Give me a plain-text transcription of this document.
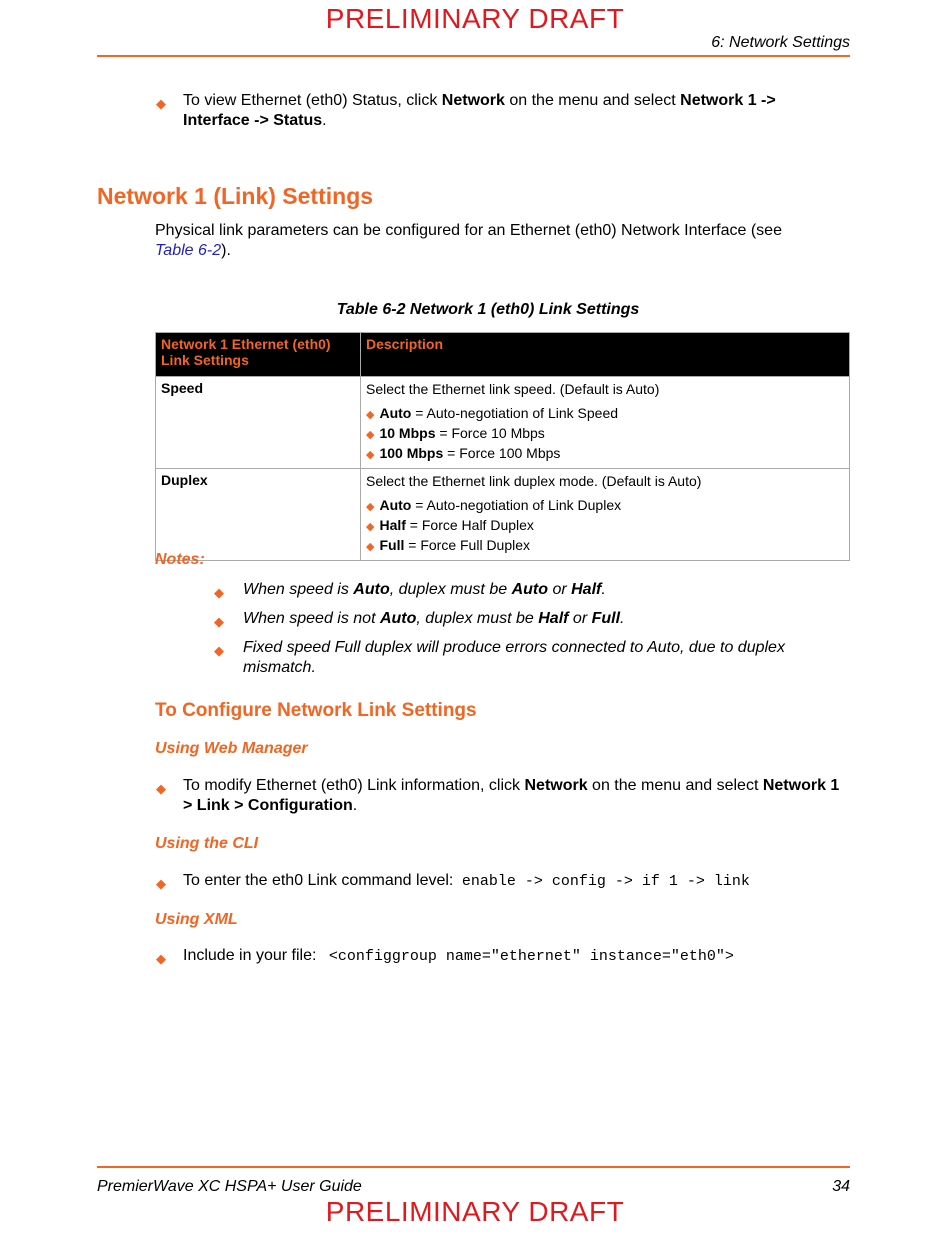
PRELIMINARY DRAFT
6: Network Settings
◆ To view Ethernet (eth0) Status, click Network on the menu and select Network 1 ->
Interface -> Status.
Network 1 (Link) Settings
Physical link parameters can be configured for an Ethernet (eth0) Network Interface (see
Table 6-2).
Table 6-2 Network 1 (eth0) Link Settings
Network 1 Ethernet (eth0) Link Settings	Description
Speed	Select the Ethernet link speed. (Default is Auto)
◆ Auto = Auto-negotiation of Link Speed
◆ 10 Mbps = Force 10 Mbps
◆ 100 Mbps = Force 100 Mbps

Duplex	Select the Ethernet link duplex mode. (Default is Auto)
◆ Auto = Auto-negotiation of Link Duplex
◆ Half = Force Half Duplex
◆ Full = Force Full Duplex
Notes:
◆ When speed is Auto, duplex must be Auto or Half.
◆ When speed is not Auto, duplex must be Half or Full.
◆ Fixed speed Full duplex will produce errors connected to Auto, due to duplex
mismatch.
To Configure Network Link Settings
Using Web Manager
◆ To modify Ethernet (eth0) Link information, click Network on the menu and select Network 1
> Link > Configuration.
Using the CLI
◆ To enter the eth0 Link command level: enable -> config -> if 1 -> link
Using XML
◆ Include in your file: <configgroup name="ethernet" instance="eth0">
PremierWave XC HSPA+ User Guide	34
PRELIMINARY DRAFT
